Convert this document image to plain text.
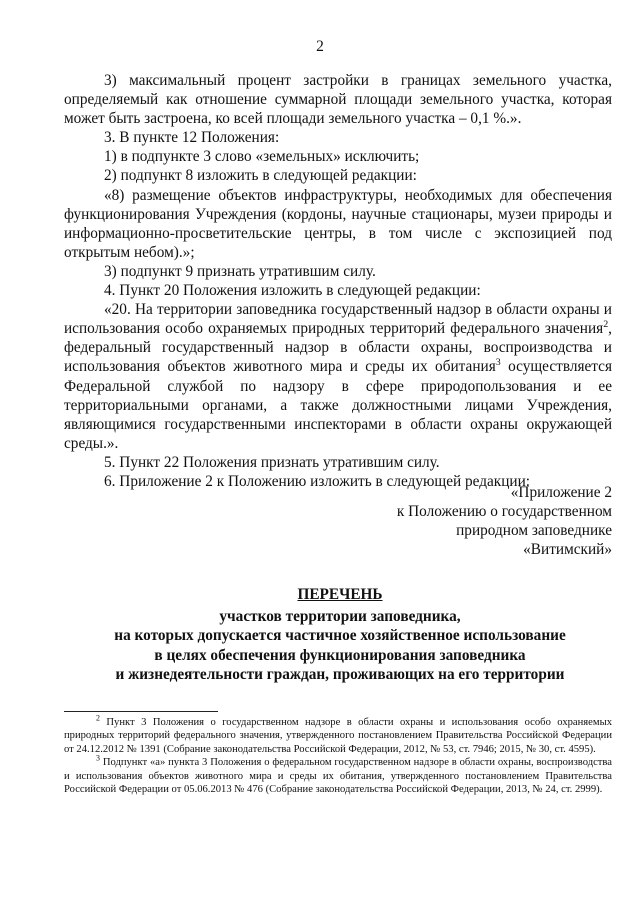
2

3) максимальный процент застройки в границах земельного участка, определяемый как отношение суммарной площади земельного участка, которая может быть застроена, ко всей площади земельного участка – 0,1 %.».

3. В пункте 12 Положения:

1) в подпункте 3 слово «земельных» исключить;

2) подпункт 8 изложить в следующей редакции:

«8) размещение объектов инфраструктуры, необходимых для обеспечения функционирования Учреждения (кордоны, научные стационары, музеи природы и информационно-просветительские центры, в том числе с экспозицией под открытым небом).»;

3) подпункт 9 признать утратившим силу.

4. Пункт 20 Положения изложить в следующей редакции:

«20. На территории заповедника государственный надзор в области охраны и использования особо охраняемых природных территорий федерального значения$^2$, федеральный государственный надзор в области охраны, воспроизводства и использования объектов животного мира и среды их обитания$^3$ осуществляется Федеральной службой по надзору в сфере природопользования и ее территориальными органами, а также должностными лицами Учреждения, являющимися государственными инспекторами в области охраны окружающей среды.».

5. Пункт 22 Положения признать утратившим силу.

6. Приложение 2 к Положению изложить в следующей редакции:

«Приложение 2
к Положению о государственном
природном заповеднике
«Витимский»
ПЕРЕЧЕНЬ
участков территории заповедника,
на которых допускается частичное хозяйственное использование
в целях обеспечения функционирования заповедника
и жизнедеятельности граждан, проживающих на его территории

$^2$ Пункт 3 Положения о государственном надзоре в области охраны и использования особо охраняемых природных территорий федерального значения, утвержденного постановлением Правительства Российской Федерации от 24.12.2012 № 1391 (Собрание законодательства Российской Федерации, 2012, № 53, ст. 7946; 2015, № 30, ст. 4595).

$^3$ Подпункт «а» пункта 3 Положения о федеральном государственном надзоре в области охраны, воспроизводства и использования объектов животного мира и среды их обитания, утвержденного постановлением Правительства Российской Федерации от 05.06.2013 № 476 (Собрание законодательства Российской Федерации, 2013, № 24, ст. 2999).
